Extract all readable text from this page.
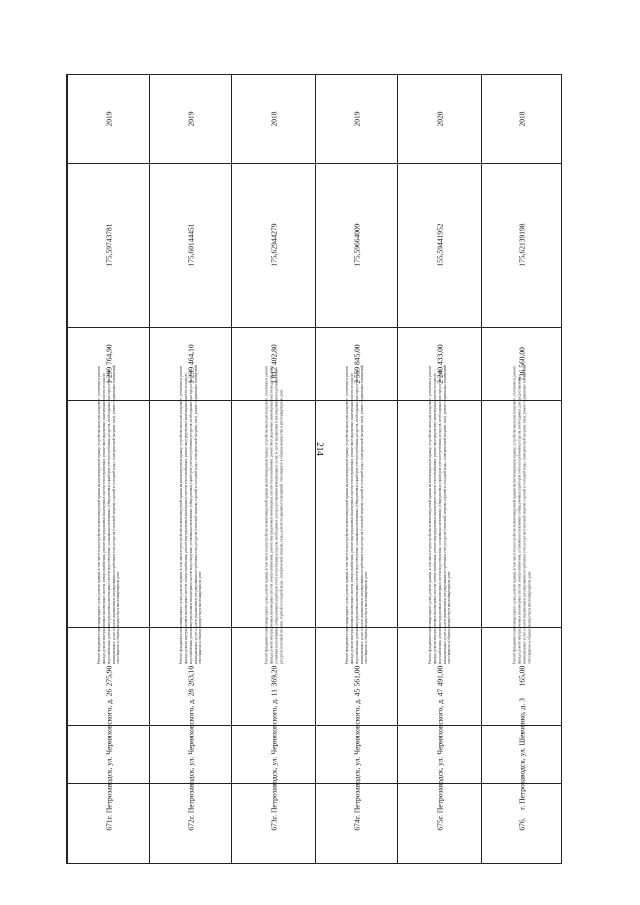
214
2019
175,59743781
1 299 764,90
Ремонт фундамента многоквартирного дома, ремонт крыши, в том числе переустройство невентилируемой крыши на вентилируемую крышу, устройство выходов на кровлю, утепление и ремонт фасада, ремонт внутридомовых инженерных систем электроснабжения, ремонт внутридомовых инженерных систем теплоснабжения, ремонт внутридомовых инженерных систем холодного водоснабжения, ремонт внутридомовых инженерных систем водоотведения, установка коллективных (общедомовых) приборов учета потребления ресурсов, необходимых для предоставления коммунальных услуг, и узлов управления и регулирования потребления этих ресурсов (тепловой энергии, горячей и холодной воды, электрической энергии, газа), ремонт подвальных помещений, относящихся к общему имуществу в многоквартирном доме
275,90
г. Петрозаводск, ул. Черняховского, д. 26
671.
2019
175,60144451
1 239 464,10
Ремонт фундамента многоквартирного дома, ремонт крыши, в том числе переустройство невентилируемой крыши на вентилируемую крышу, устройство выходов на кровлю, утепление и ремонт фасада, ремонт внутридомовых инженерных систем электроснабжения, ремонт внутридомовых инженерных систем теплоснабжения, ремонт внутридомовых инженерных систем холодного водоснабжения, ремонт внутридомовых инженерных систем водоотведения, установка коллективных (общедомовых) приборов учета потребления ресурсов, необходимых для предоставления коммунальных услуг, и узлов управления и регулирования потребления этих ресурсов (тепловой энергии, горячей и холодной воды, электрической энергии, газа), ремонт подвальных помещений, относящихся к общему имуществу в многоквартирном доме
263,10
г. Петрозаводск, ул. Черняховского, д. 28
672.
2018
175,62944279
1 812 402,80
Ремонт фундамента многоквартирного дома, ремонт крыши, в том числе переустройство невентилируемой крыши на вентилируемую крышу, устройство выходов на кровлю, утепление и ремонт фасада, ремонт внутридомовых инженерных систем электроснабжения, ремонт внутридомовых инженерных систем теплоснабжения, ремонт внутридомовых инженерных систем водоотведения, установка коллективных (общедомовых) приборов учета потребления ресурсов, необходимых для предоставления коммунальных услуг, и узлов управления и регулирования потребления этих ресурсов (тепловой энергии, горячей и холодной воды, электрической энергии, газа), ремонт подвальных помещений, относящихся к общему имуществу в многоквартирном доме
369,20
г. Петрозаводск, ул. Черняховского, д. 11
673.
2019
175,59664009
2 559 845,00
Ремонт фундамента многоквартирного дома, ремонт крыши, в том числе переустройство невентилируемой крыши на вентилируемую крышу, устройство выходов на кровлю, утепление и ремонт фасада, ремонт внутридомовых инженерных систем электроснабжения, ремонт внутридомовых инженерных систем теплоснабжения, ремонт внутридомовых инженерных систем холодного водоснабжения, ремонт внутридомовых инженерных систем водоотведения, установка коллективных (общедомовых) приборов учета потребления ресурсов, необходимых для предоставления коммунальных услуг, и узлов управления и регулирования потребления этих ресурсов (тепловой энергии, горячей и холодной воды, электрической энергии, газа), ремонт подвальных помещений, относящихся к общему имуществу в многоквартирном доме
561,00
г. Петрозаводск, ул. Черняховского, д. 45
674.
2020
155,59441952
2 240 433,00
Ремонт фундамента многоквартирного дома, ремонт крыши, в том числе переустройство невентилируемой крыши на вентилируемую крышу, устройство выходов на кровлю, утепление и ремонт фасада, ремонт внутридомовых инженерных систем электроснабжения, ремонт внутридомовых инженерных систем теплоснабжения, ремонт внутридомовых инженерных систем холодного водоснабжения, ремонт внутридомовых инженерных систем водоотведения, установка коллективных (общедомовых) приборов учета потребления ресурсов, необходимых для предоставления коммунальных услуг, и узлов управления и регулирования потребления этих ресурсов (тепловой энергии, горячей и холодной воды, электрической энергии, газа), ремонт подвальных помещений, относящихся к общему имуществу в многоквартирном доме
491,00
г. Петрозаводск, ул. Черняховского, д. 47
675.
2018
175,62139198
736 560,00
Ремонт фундамента многоквартирного дома, ремонт крыши, в том числе переустройство невентилируемой крыши на вентилируемую крышу, устройство выходов на кровлю, утепление и ремонт фасада, ремонт внутридомовых инженерных систем электроснабжения, установка коллективных (общедомовых) приборов учета потребления ресурсов, необходимых для предоставления коммунальных услуг, и узлов управления и регулирования потребления этих ресурсов (тепловой энергии, горячей и холодной воды, электрической энергии, газа), ремонт подвальных помещений, относящихся к общему имуществу в многоквартирном доме
165,00
г. Петрозаводск, ул. Шевченко, д. 3
676.
